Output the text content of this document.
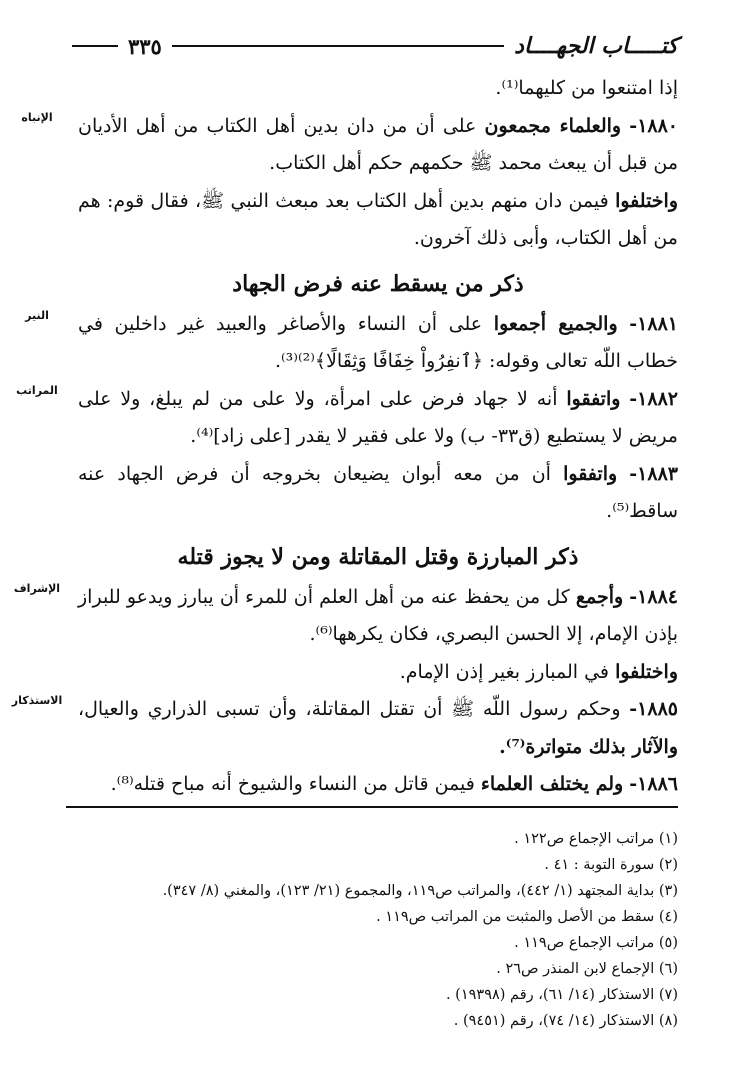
كتـــــاب الجهــــاد
٣٣٥

إذا امتنعوا من كليهما⁽¹⁾.

الإنباه	١٨٨٠- والعلماء مجمعون على أن من دان بدين أهل الكتاب من أهل الأديان من قبل أن يبعث محمد ﷺ حكمهم حكم أهل الكتاب.

واختلفوا فيمن دان منهم بدين أهل الكتاب بعد مبعث النبي ﷺ، فقال قوم: هم من أهل الكتاب، وأبى ذلك آخرون.

ذكر من يسقط عنه فرض الجهاد

النير	١٨٨١- والجميع أجمعوا على أن النساء والأصاغر والعبيد غير داخلين في خطاب اللّه تعالى وقوله: ﴿ٱنفِرُواْ خِفَافًا وَثِقَالًا﴾⁽²⁾⁽³⁾.

المراتب	١٨٨٢- واتفقوا أنه لا جهاد فرض على امرأة، ولا على من لم يبلغ، ولا على مريض لا يستطيع (ق٣٣- ب) ولا على فقير لا يقدر [على زاد]⁽⁴⁾.

١٨٨٣- واتفقوا أن من معه أبوان يضيعان بخروجه أن فرض الجهاد عنه ساقط⁽⁵⁾.

ذكر المبارزة وقتل المقاتلة ومن لا يجوز قتله

الإشراف	١٨٨٤- وأجمع كل من يحفظ عنه من أهل العلم أن للمرء أن يبارز ويدعو للبراز بإذن الإمام، إلا الحسن البصري، فكان يكرهها⁽⁶⁾.

واختلفوا في المبارز بغير إذن الإمام.

الاستذكار	١٨٨٥- وحكم رسول اللّه ﷺ أن تقتل المقاتلة، وأن تسبى الذراري والعيال، والآثار بذلك متواترة⁽⁷⁾.

١٨٨٦- ولم يختلف العلماء فيمن قاتل من النساء والشيوخ أنه مباح قتله⁽⁸⁾.

(١) مراتب الإجماع ص١٢٢ .
(٢) سورة التوبة : ٤١ .
(٣) بداية المجتهد (١/ ٤٤٢)، والمراتب ص١١٩، والمجموع (٢١/ ١٢٣)، والمغني (٨/ ٣٤٧).
(٤) سقط من الأصل والمثبت من المراتب ص١١٩ .
(٥) مراتب الإجماع ص١١٩ .
(٦) الإجماع لابن المنذر ص٢٦ .
(٧) الاستذكار (١٤/ ٦١)، رقم (١٩٣٩٨) .
(٨) الاستذكار (١٤/ ٧٤)، رقم (٩٤٥١) .
